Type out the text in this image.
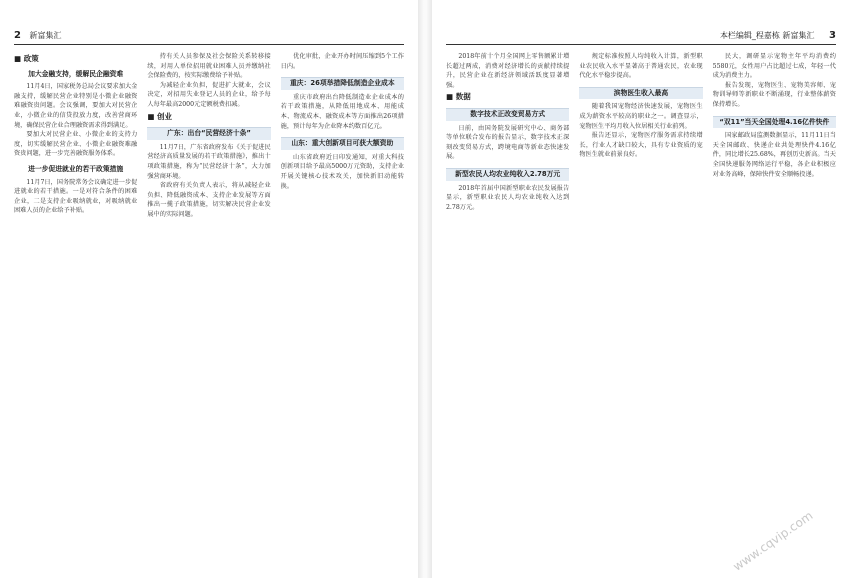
2 新富集汇
■ 政策
加大金融支持，缓解民企融资难

11月4日，国家税务总局会议要求加大金融支持，缓解民营企业特别是小微企业融资难融资贵问题。会议强调，要加大对民营企业，小微企业的信贷投放力度，改善营商环境，确保民营企业合理融资需求得到满足。

要加大对民营企业、小微企业的支持力度，切实缓解民营企业、小微企业融资难融资贵问题，进一步完善融资服务体系。

进一步促进就业的若干政策措施

11月7日，国务院常务会议确定进一步促进就业的若干措施。一是对符合条件的困难企业，二是支持企业吸纳就业，对吸纳就业困难人员的企业给予补贴。

持有关人员参保及社会保险关系转移接续，对用人单位招用就业困难人员并缴纳社会保险费的，按实际缴费给予补贴。

为减轻企业负担，促进扩大就业，会议决定，对招用失业登记人员的企业，给予每人每年最高2000元定额税费扣减。

■ 创业
广东：出台“民营经济十条”

11月7日，广东省政府发布《关于促进民营经济高质量发展的若干政策措施》，推出十项政策措施，称为“民营经济十条”，大力加强营商环境。

省政府有关负责人表示，将从减轻企业负担、降低融资成本、支持企业发展等方面推出一揽子政策措施，切实解决民营企业发展中的实际问题。

优化审批，企业开办时间压缩到5个工作日内。

重庆：26项举措降低制造企业成本

重庆市政府出台降低制造业企业成本的若干政策措施，从降低用地成本、用能成本、物流成本、融资成本等方面推出26项措施，预计每年为企业降本约数百亿元。

山东：重大创新项目可获大额资助

山东省政府近日印发通知，对重大科技创新项目给予最高5000万元资助，支持企业开展关键核心技术攻关，加快新旧动能转换。

本栏编辑_程嘉栋 新富集汇 3

2018年前十个月全国网上零售额累计增长超过两成，消费对经济增长的贡献持续提升，民营企业在新经济领域活跃度显著增强。

■ 数据
数字技术正改变贸易方式

日前，由国务院发展研究中心、商务部等单位联合发布的报告显示，数字技术正深刻改变贸易方式，跨境电商等新业态快速发展。

新型农民人均农业纯收入2.78万元

2018年首届中国新型职业农民发展报告显示，新型职业农民人均农业纯收入达到2.78万元。

规定标准按照人均纯收入计算，新型职业农民收入水平显著高于普通农民，农业现代化水平稳步提高。

滨物医生收入最高

随着我国宠物经济快速发展，宠物医生成为薪资水平较高的职业之一。调查显示，宠物医生平均月收入位居相关行业前列。

报告还显示，宠物医疗服务需求持续增长，行业人才缺口较大，具有专业资质的宠物医生就业前景良好。

民大，调研显示宠物主年平均消费约5580元，女性用户占比超过七成，年轻一代成为消费主力。

报告发现，宠物医生、宠物美容师、宠物训导师等新职业不断涌现，行业整体薪资保持增长。

“双11”当天全国处理4.16亿件快件

国家邮政局监测数据显示，11月11日当天全国邮政、快递企业共处理快件4.16亿件，同比增长25.68%，再创历史新高。当天全国快递服务网络运行平稳，各企业积极应对业务高峰，保障快件安全顺畅投递。

www.cqvip.com
